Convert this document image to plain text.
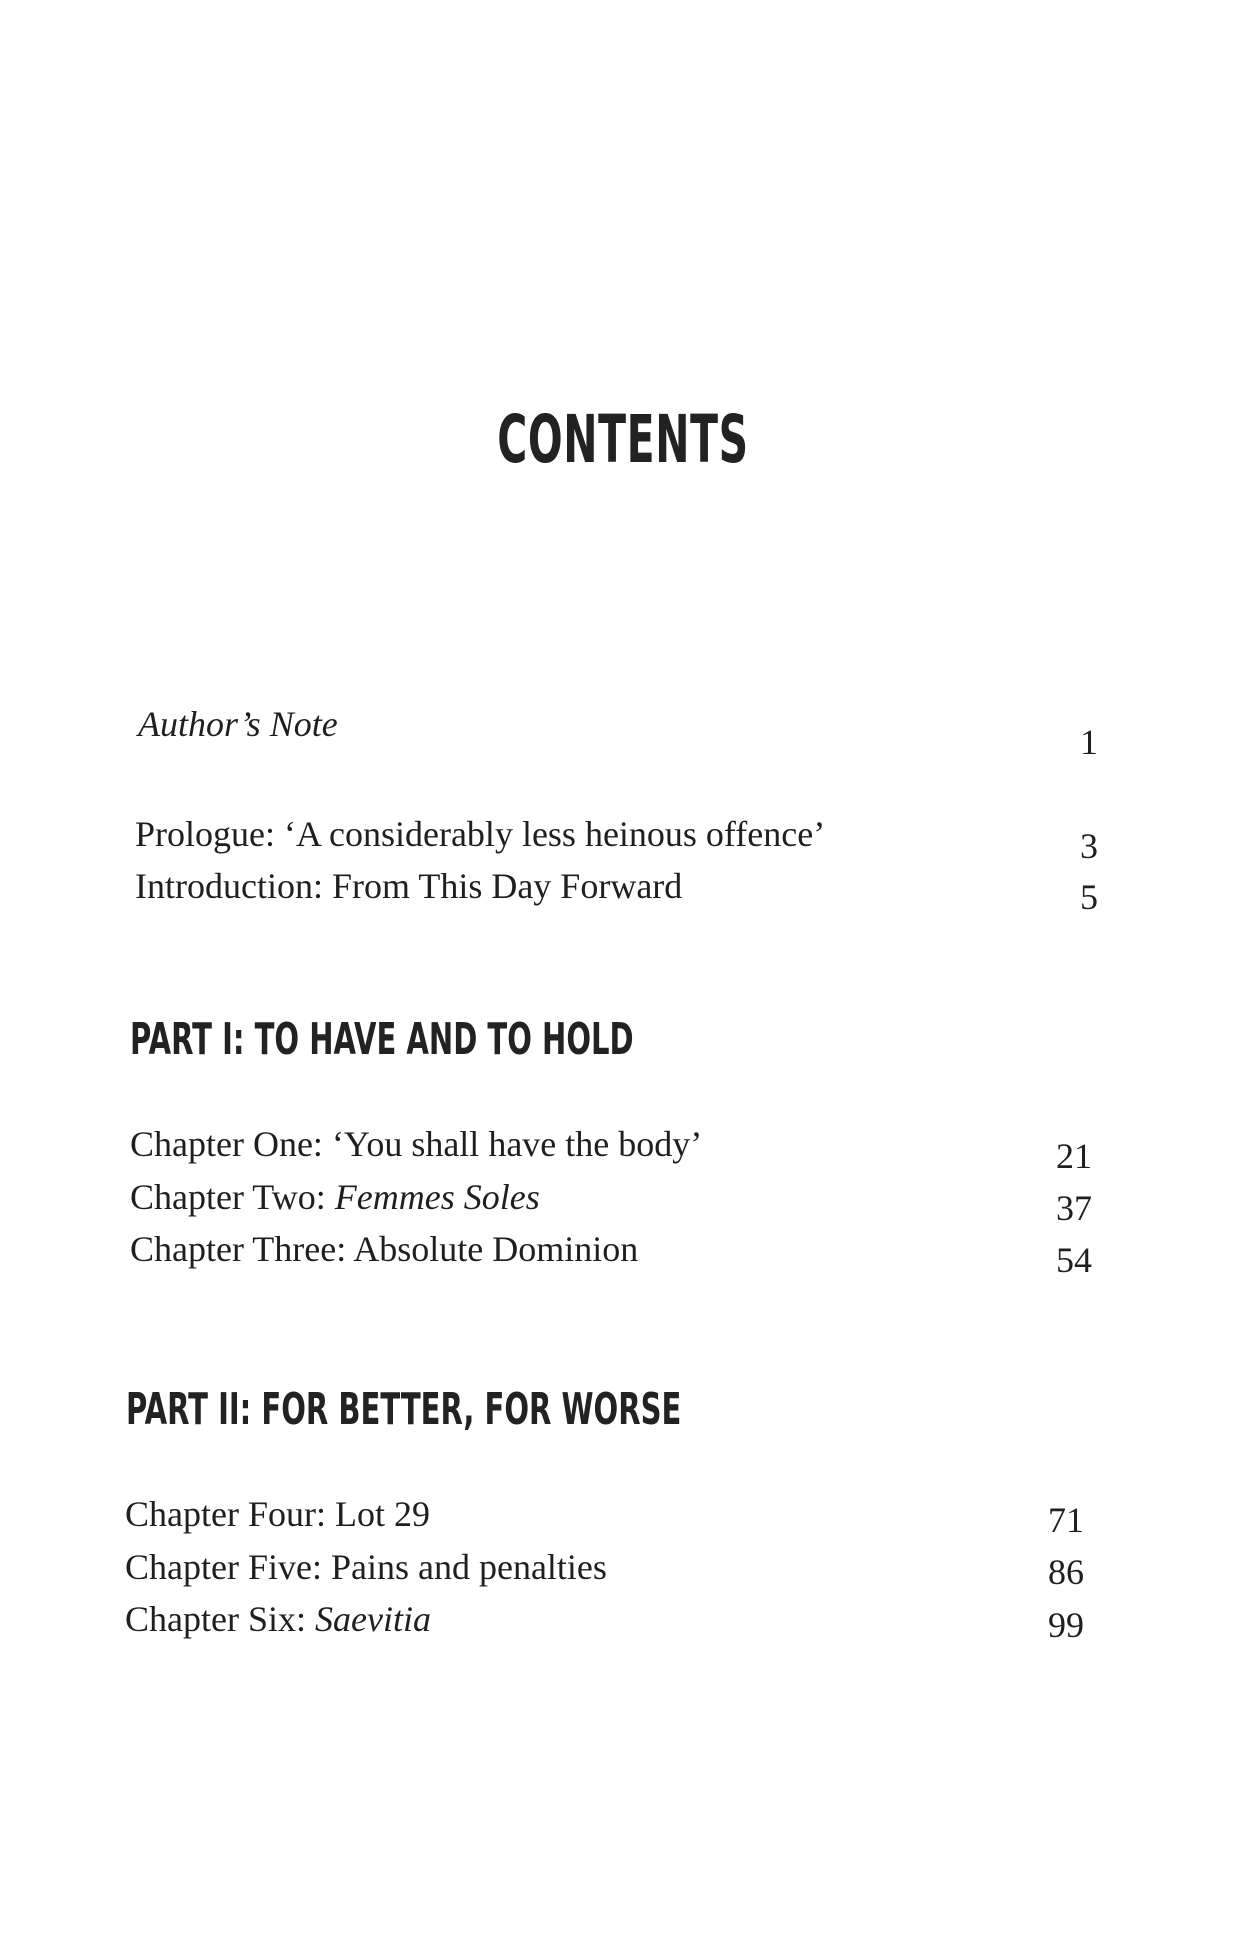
CONTENTS
Author’s Note	1
Prologue: ‘A considerably less heinous offence’	3
Introduction: From This Day Forward	5
PART I: TO HAVE AND TO HOLD
Chapter One: ‘You shall have the body’	21
Chapter Two: Femmes Soles	37
Chapter Three: Absolute Dominion	54
PART II: FOR BETTER, FOR WORSE
Chapter Four: Lot 29	71
Chapter Five: Pains and penalties	86
Chapter Six: Saevitia	99
